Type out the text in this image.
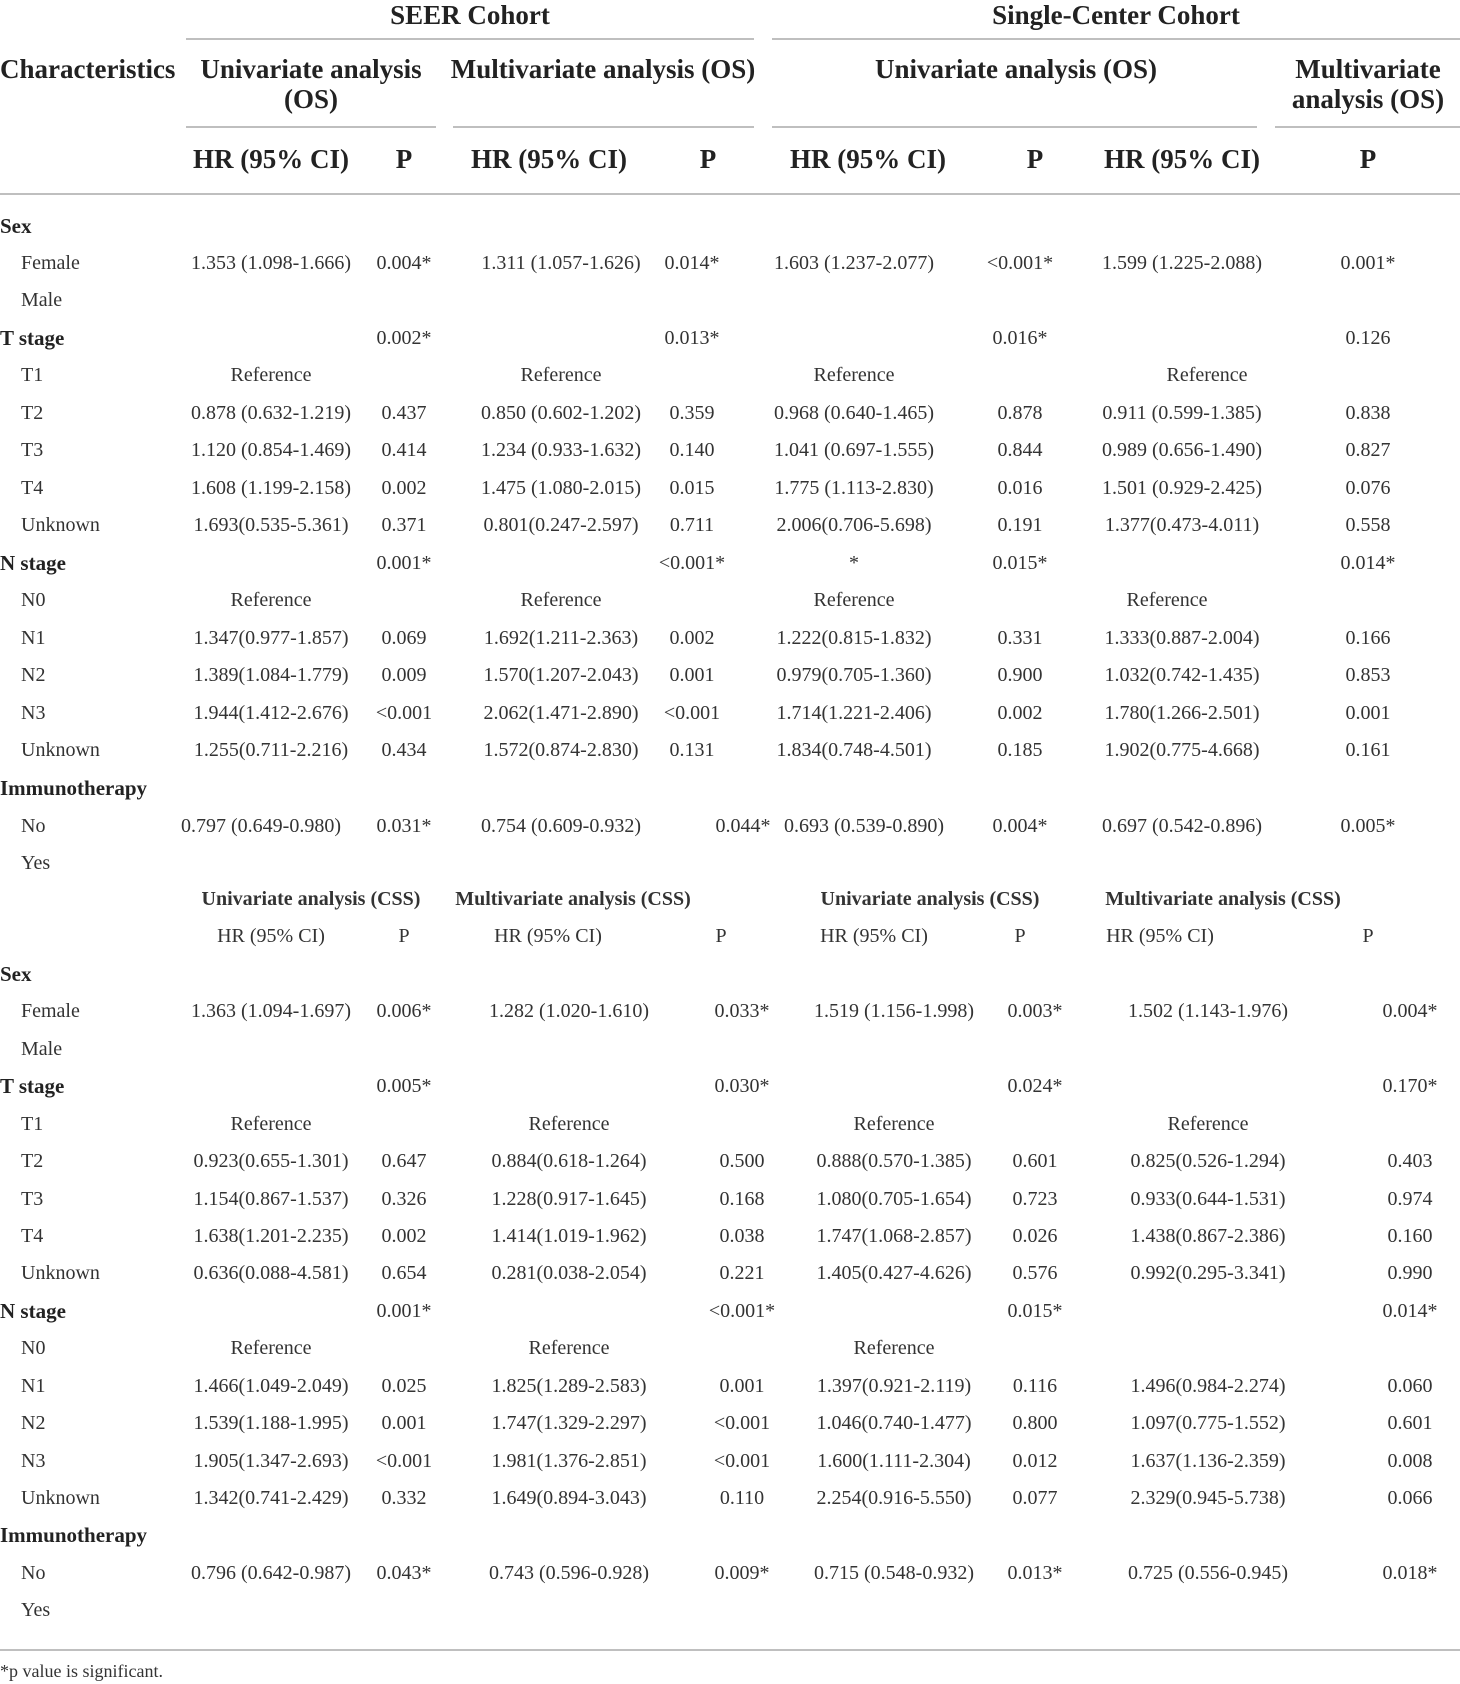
SEER Cohort	Single-Center Cohort
Characteristics Univariate analysis
(OS)
Multivariate analysis (OS)	Univariate analysis (OS)	Multivariate
analysis (OS)
HR (95% CI) P HR (95% CI)	P	HR (95% CI)	P HR (95% CI)	P
Sex
Female	1.353 (1.098-1.666) 0.004* 1.311 (1.057-1.626) 0.014*	1.603 (1.237-2.077)	<0.001* 1.599 (1.225-2.088)	0.001*
Male
T stage	0.002*	0.013*	0.016*	0.126
T1	Reference	Reference	Reference	Reference
T2	0.878 (0.632-1.219) 0.437	0.850 (0.602-1.202) 0.359	0.968 (0.640-1.465)	0.878	0.911 (0.599-1.385)	0.838
T3	1.120 (0.854-1.469) 0.414	1.234 (0.933-1.632) 0.140	1.041 (0.697-1.555)	0.844	0.989 (0.656-1.490)	0.827
T4	1.608 (1.199-2.158) 0.002	1.475 (1.080-2.015) 0.015	1.775 (1.113-2.830)	0.016	1.501 (0.929-2.425)	0.076
Unknown	1.693(0.535-5.361) 0.371	0.801(0.247-2.597) 0.711	2.006(0.706-5.698)	0.191	1.377(0.473-4.011)	0.558
N stage	0.001*	<0.001*	*	0.015*	0.014*
N0	Reference	Reference	Reference	Reference
N1	1.347(0.977-1.857) 0.069	1.692(1.211-2.363) 0.002	1.222(0.815-1.832)	0.331	1.333(0.887-2.004)	0.166
N2	1.389(1.084-1.779) 0.009	1.570(1.207-2.043) 0.001	0.979(0.705-1.360)	0.900	1.032(0.742-1.435)	0.853
N3	1.944(1.412-2.676) <0.001	2.062(1.471-2.890) <0.001	1.714(1.221-2.406)	0.002	1.780(1.266-2.501)	0.001
Unknown	1.255(0.711-2.216) 0.434	1.572(0.874-2.830) 0.131	1.834(0.748-4.501)	0.185	1.902(0.775-4.668)	0.161
Immunotherapy
No	0.797 (0.649-0.980) 0.031* 0.754 (0.609-0.932)	0.044* 0.693 (0.539-0.890) 0.004*	0.697 (0.542-0.896)	0.005*
Yes
Univariate analysis (CSS) Multivariate analysis (CSS)	Univariate analysis (CSS)	Multivariate analysis (CSS)
HR (95% CI)	P	HR (95% CI)	P	HR (95% CI)	P	HR (95% CI)	P
Sex
Female	1.363 (1.094-1.697) 0.006*	1.282 (1.020-1.610)	0.033* 1.519 (1.156-1.998) 0.003*	1.502 (1.143-1.976)	0.004*
Male
T stage	0.005*	0.030*	0.024*	0.170*
T1	Reference	Reference	Reference	Reference
T2	0.923(0.655-1.301) 0.647	0.884(0.618-1.264)	0.500	0.888(0.570-1.385) 0.601	0.825(0.526-1.294)	0.403
T3	1.154(0.867-1.537) 0.326	1.228(0.917-1.645)	0.168	1.080(0.705-1.654) 0.723	0.933(0.644-1.531)	0.974
T4	1.638(1.201-2.235) 0.002	1.414(1.019-1.962)	0.038	1.747(1.068-2.857) 0.026	1.438(0.867-2.386)	0.160
Unknown	0.636(0.088-4.581) 0.654	0.281(0.038-2.054)	0.221	1.405(0.427-4.626) 0.576	0.992(0.295-3.341)	0.990
N stage	0.001*	<0.001*	0.015*	0.014*
N0	Reference	Reference	Reference
N1	1.466(1.049-2.049) 0.025	1.825(1.289-2.583)	0.001	1.397(0.921-2.119) 0.116	1.496(0.984-2.274)	0.060
N2	1.539(1.188-1.995) 0.001	1.747(1.329-2.297)	<0.001 1.046(0.740-1.477) 0.800	1.097(0.775-1.552)	0.601
N3	1.905(1.347-2.693) <0.001	1.981(1.376-2.851)	<0.001 1.600(1.111-2.304) 0.012	1.637(1.136-2.359)	0.008
Unknown	1.342(0.741-2.429) 0.332	1.649(0.894-3.043)	0.110	2.254(0.916-5.550) 0.077	2.329(0.945-5.738)	0.066
Immunotherapy
No	0.796 (0.642-0.987) 0.043*	0.743 (0.596-0.928)	0.009* 0.715 (0.548-0.932) 0.013*	0.725 (0.556-0.945)	0.018*
Yes
*p value is significant.
